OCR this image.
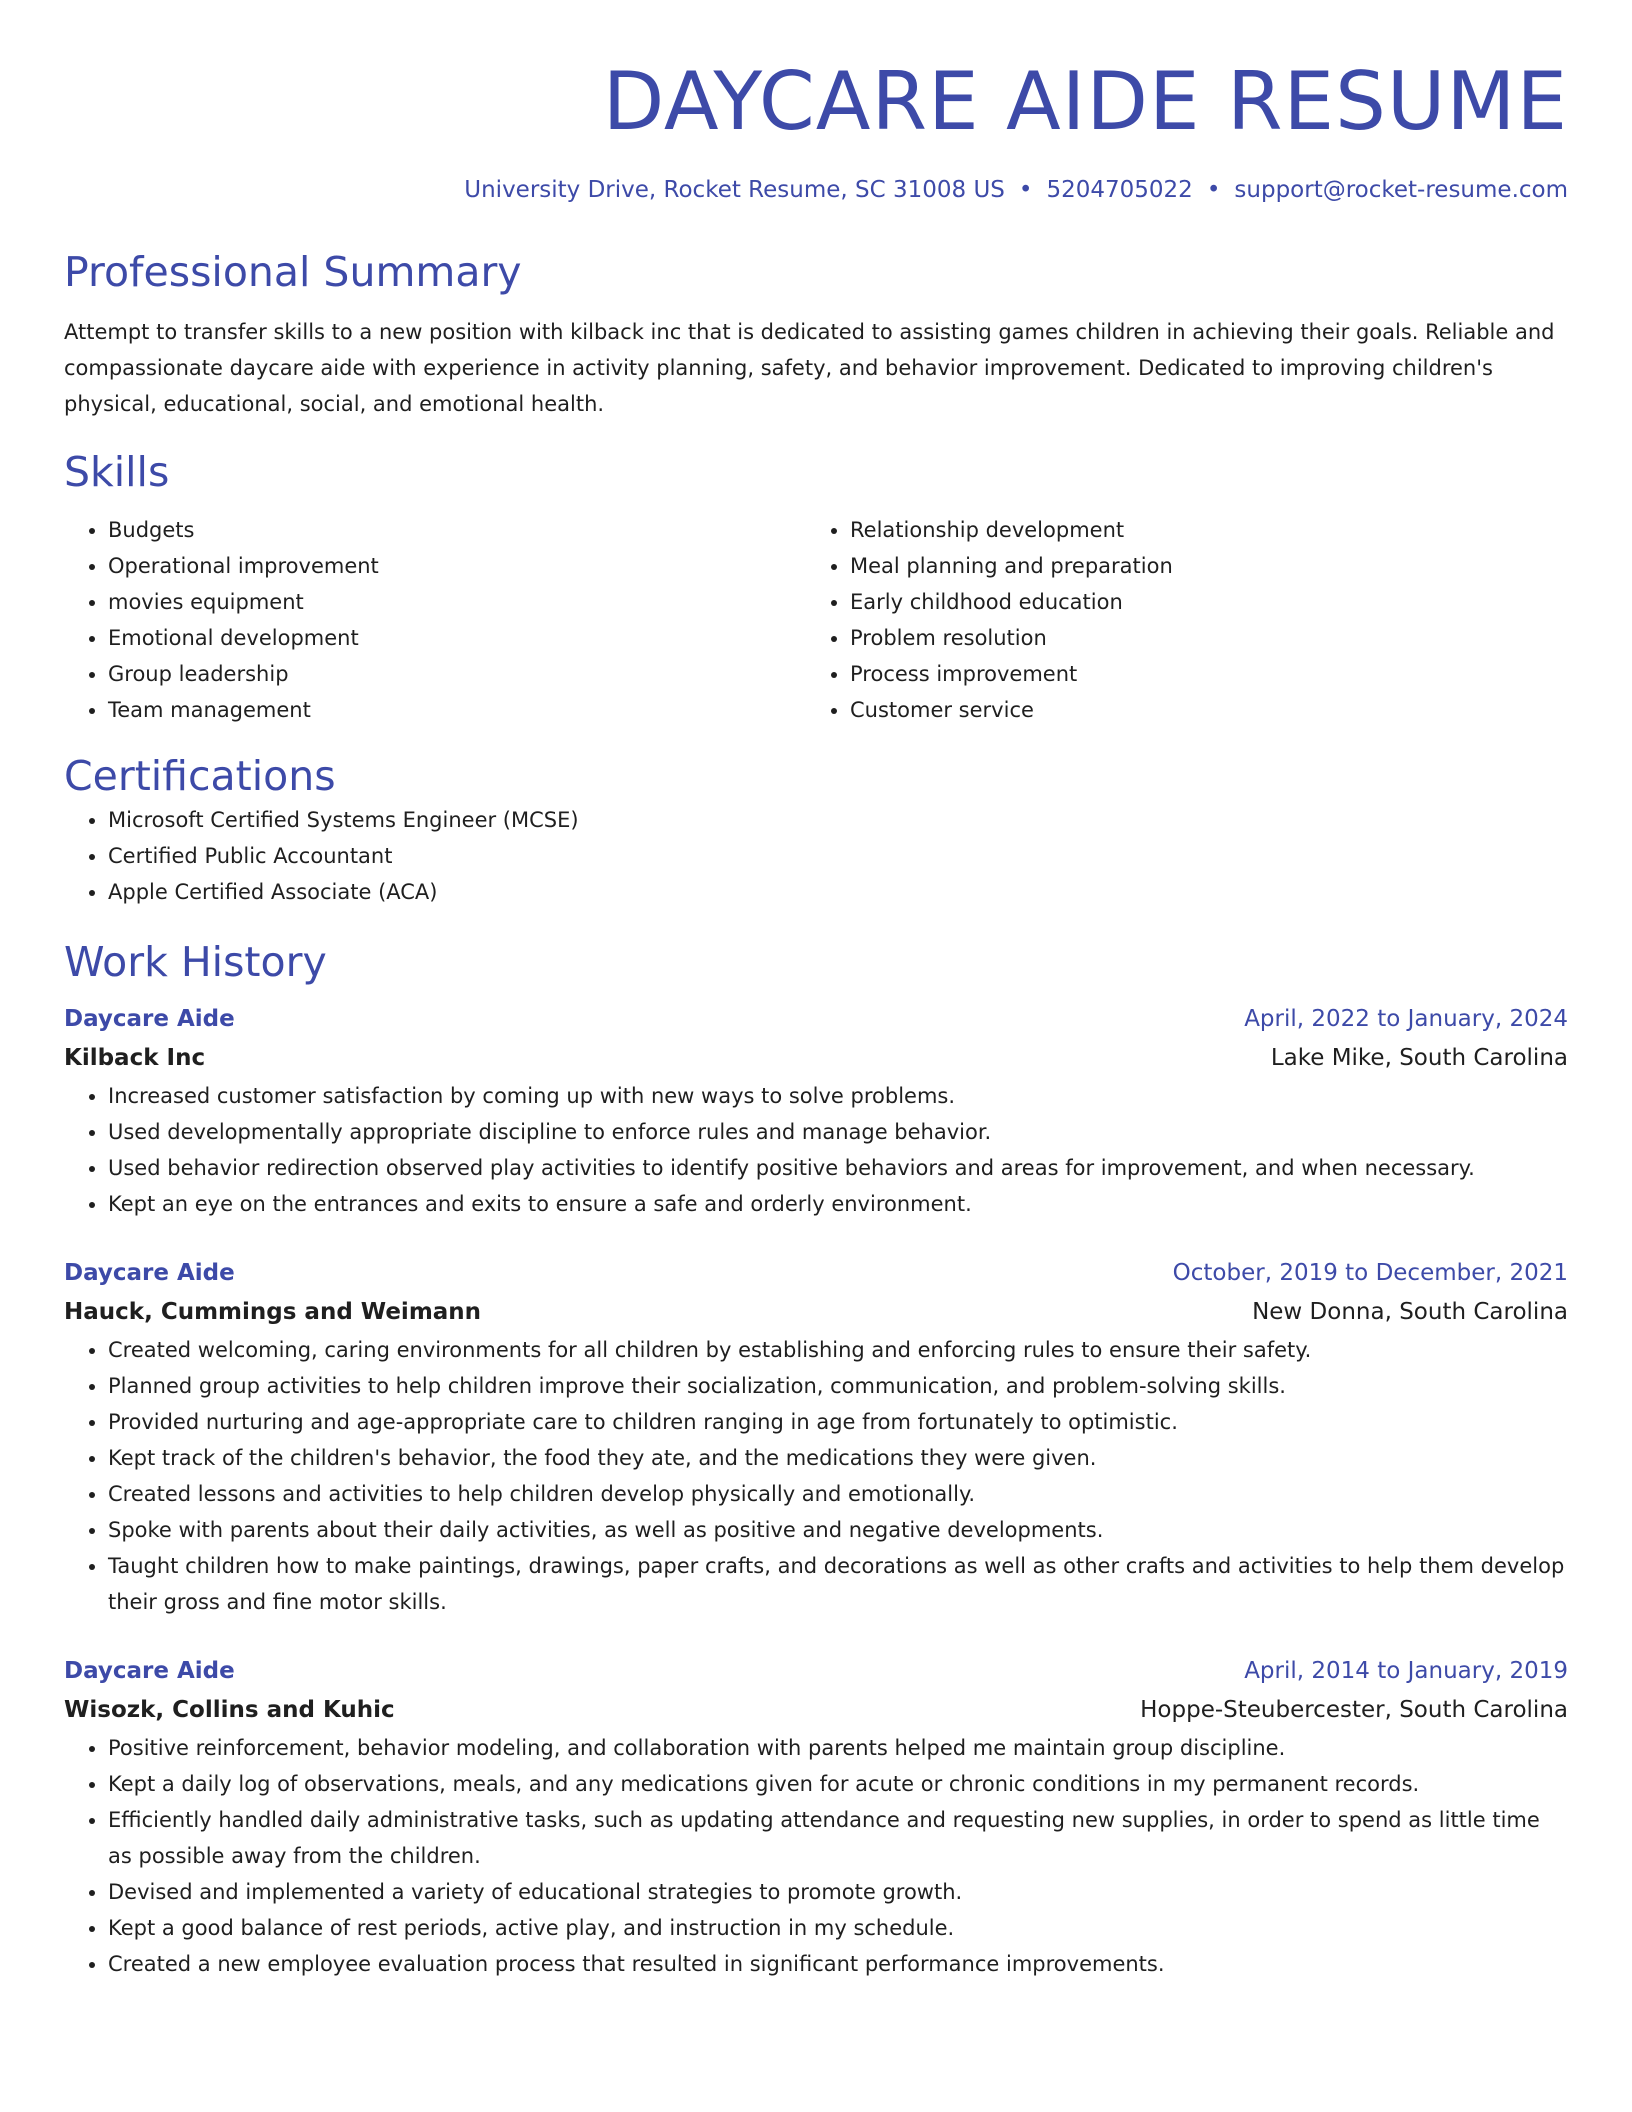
DAYCARE AIDE RESUME
University Drive, Rocket Resume, SC 31008 US • 5204705022 • support@rocket-resume.com
Professional Summary

Attempt to transfer skills to a new position with kilback inc that is dedicated to assisting games children in achieving their goals. Reliable and compassionate daycare aide with experience in activity planning, safety, and behavior improvement. Dedicated to improving children's physical, educational, social, and emotional health.

Skills
• Budgets
• Operational improvement
• movies equipment
• Emotional development
• Group leadership
• Team management
• Relationship development
• Meal planning and preparation
• Early childhood education
• Problem resolution
• Process improvement
• Customer service
Certifications
• Microsoft Certified Systems Engineer (MCSE)
• Certified Public Accountant
• Apple Certified Associate (ACA)
Work History
Daycare Aide	April, 2022 to January, 2024
Kilback Inc	Lake Mike, South Carolina
• Increased customer satisfaction by coming up with new ways to solve problems.
• Used developmentally appropriate discipline to enforce rules and manage behavior.
• Used behavior redirection observed play activities to identify positive behaviors and areas for improvement, and when necessary.
• Kept an eye on the entrances and exits to ensure a safe and orderly environment.
Daycare Aide	October, 2019 to December, 2021
Hauck, Cummings and Weimann	New Donna, South Carolina
• Created welcoming, caring environments for all children by establishing and enforcing rules to ensure their safety.
• Planned group activities to help children improve their socialization, communication, and problem-solving skills.
• Provided nurturing and age-appropriate care to children ranging in age from fortunately to optimistic.
• Kept track of the children's behavior, the food they ate, and the medications they were given.
• Created lessons and activities to help children develop physically and emotionally.
• Spoke with parents about their daily activities, as well as positive and negative developments.
• Taught children how to make paintings, drawings, paper crafts, and decorations as well as other crafts and activities to help them develop their gross and fine motor skills.
Daycare Aide	April, 2014 to January, 2019
Wisozk, Collins and Kuhic	Hoppe-Steubercester, South Carolina
• Positive reinforcement, behavior modeling, and collaboration with parents helped me maintain group discipline.
• Kept a daily log of observations, meals, and any medications given for acute or chronic conditions in my permanent records.
• Efficiently handled daily administrative tasks, such as updating attendance and requesting new supplies, in order to spend as little time as possible away from the children.
• Devised and implemented a variety of educational strategies to promote growth.
• Kept a good balance of rest periods, active play, and instruction in my schedule.
• Created a new employee evaluation process that resulted in significant performance improvements.
